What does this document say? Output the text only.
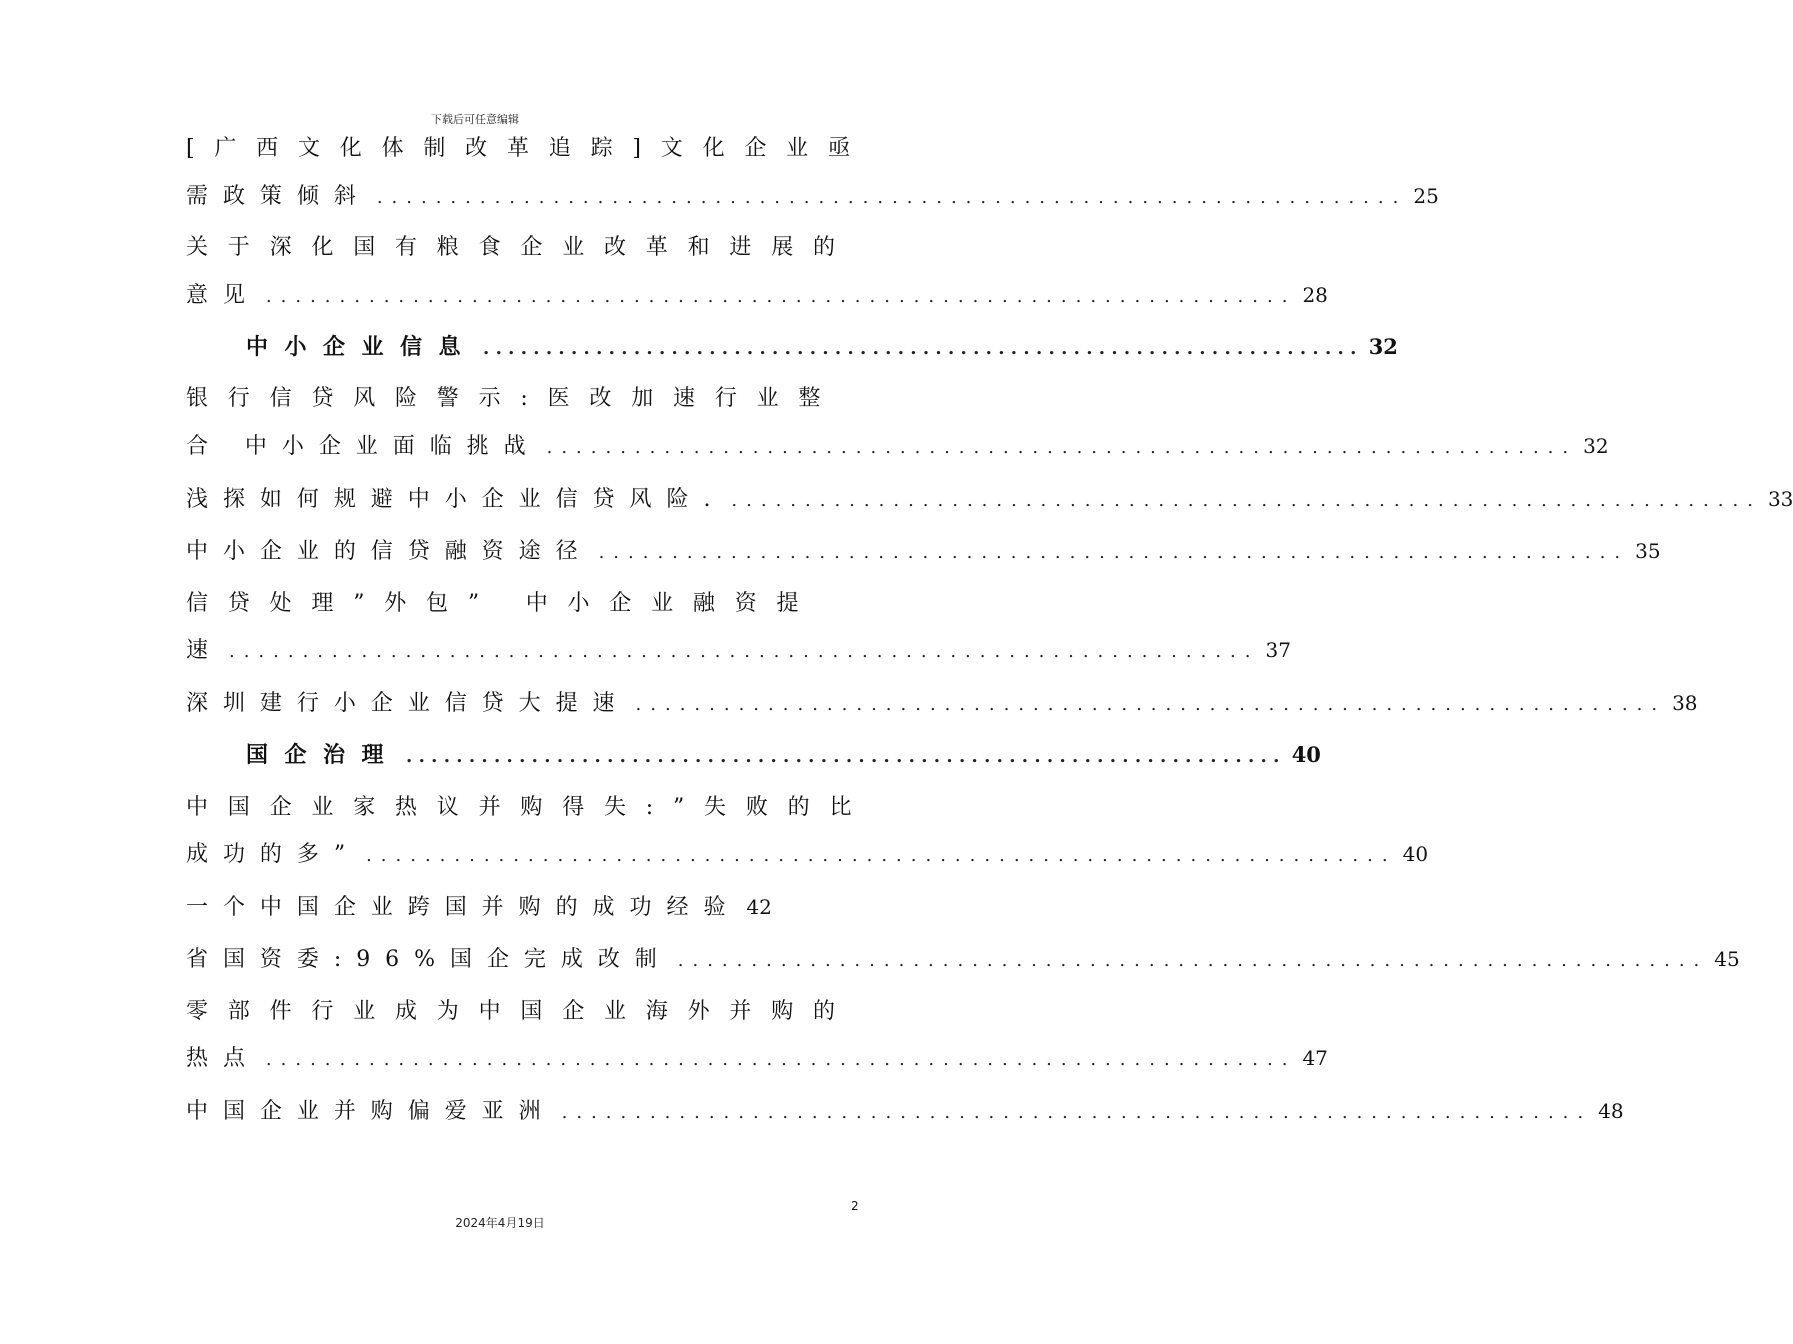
下载后可任意编辑
[广西文化体制改革追踪]文化企业亟
需政策倾斜 ...................................................................... 25
关于深化国有粮食企业改革和进展的
意见 ...................................................................... 28
中小企业信息 ...................................................................... 32
银行信贷风险警示:医改加速行业整
合 中小企业面临挑战 ...................................................................... 32
浅探如何规避中小企业信贷风险. ...................................................................... 33
中小企业的信贷融资途径 ...................................................................... 35
信贷处理”外包” 中小企业融资提
速 ...................................................................... 37
深圳建行小企业信贷大提速 ...................................................................... 38
国企治理 ...................................................................... 40
中国企业家热议并购得失:”失败的比
成功的多” ...................................................................... 40
一个中国企业跨国并购的成功经验 42
省国资委:96%国企完成改制 ...................................................................... 45
零部件行业成为中国企业海外并购的
热点 ...................................................................... 47
中国企业并购偏爱亚洲 ...................................................................... 48
2
2024年4月19日
